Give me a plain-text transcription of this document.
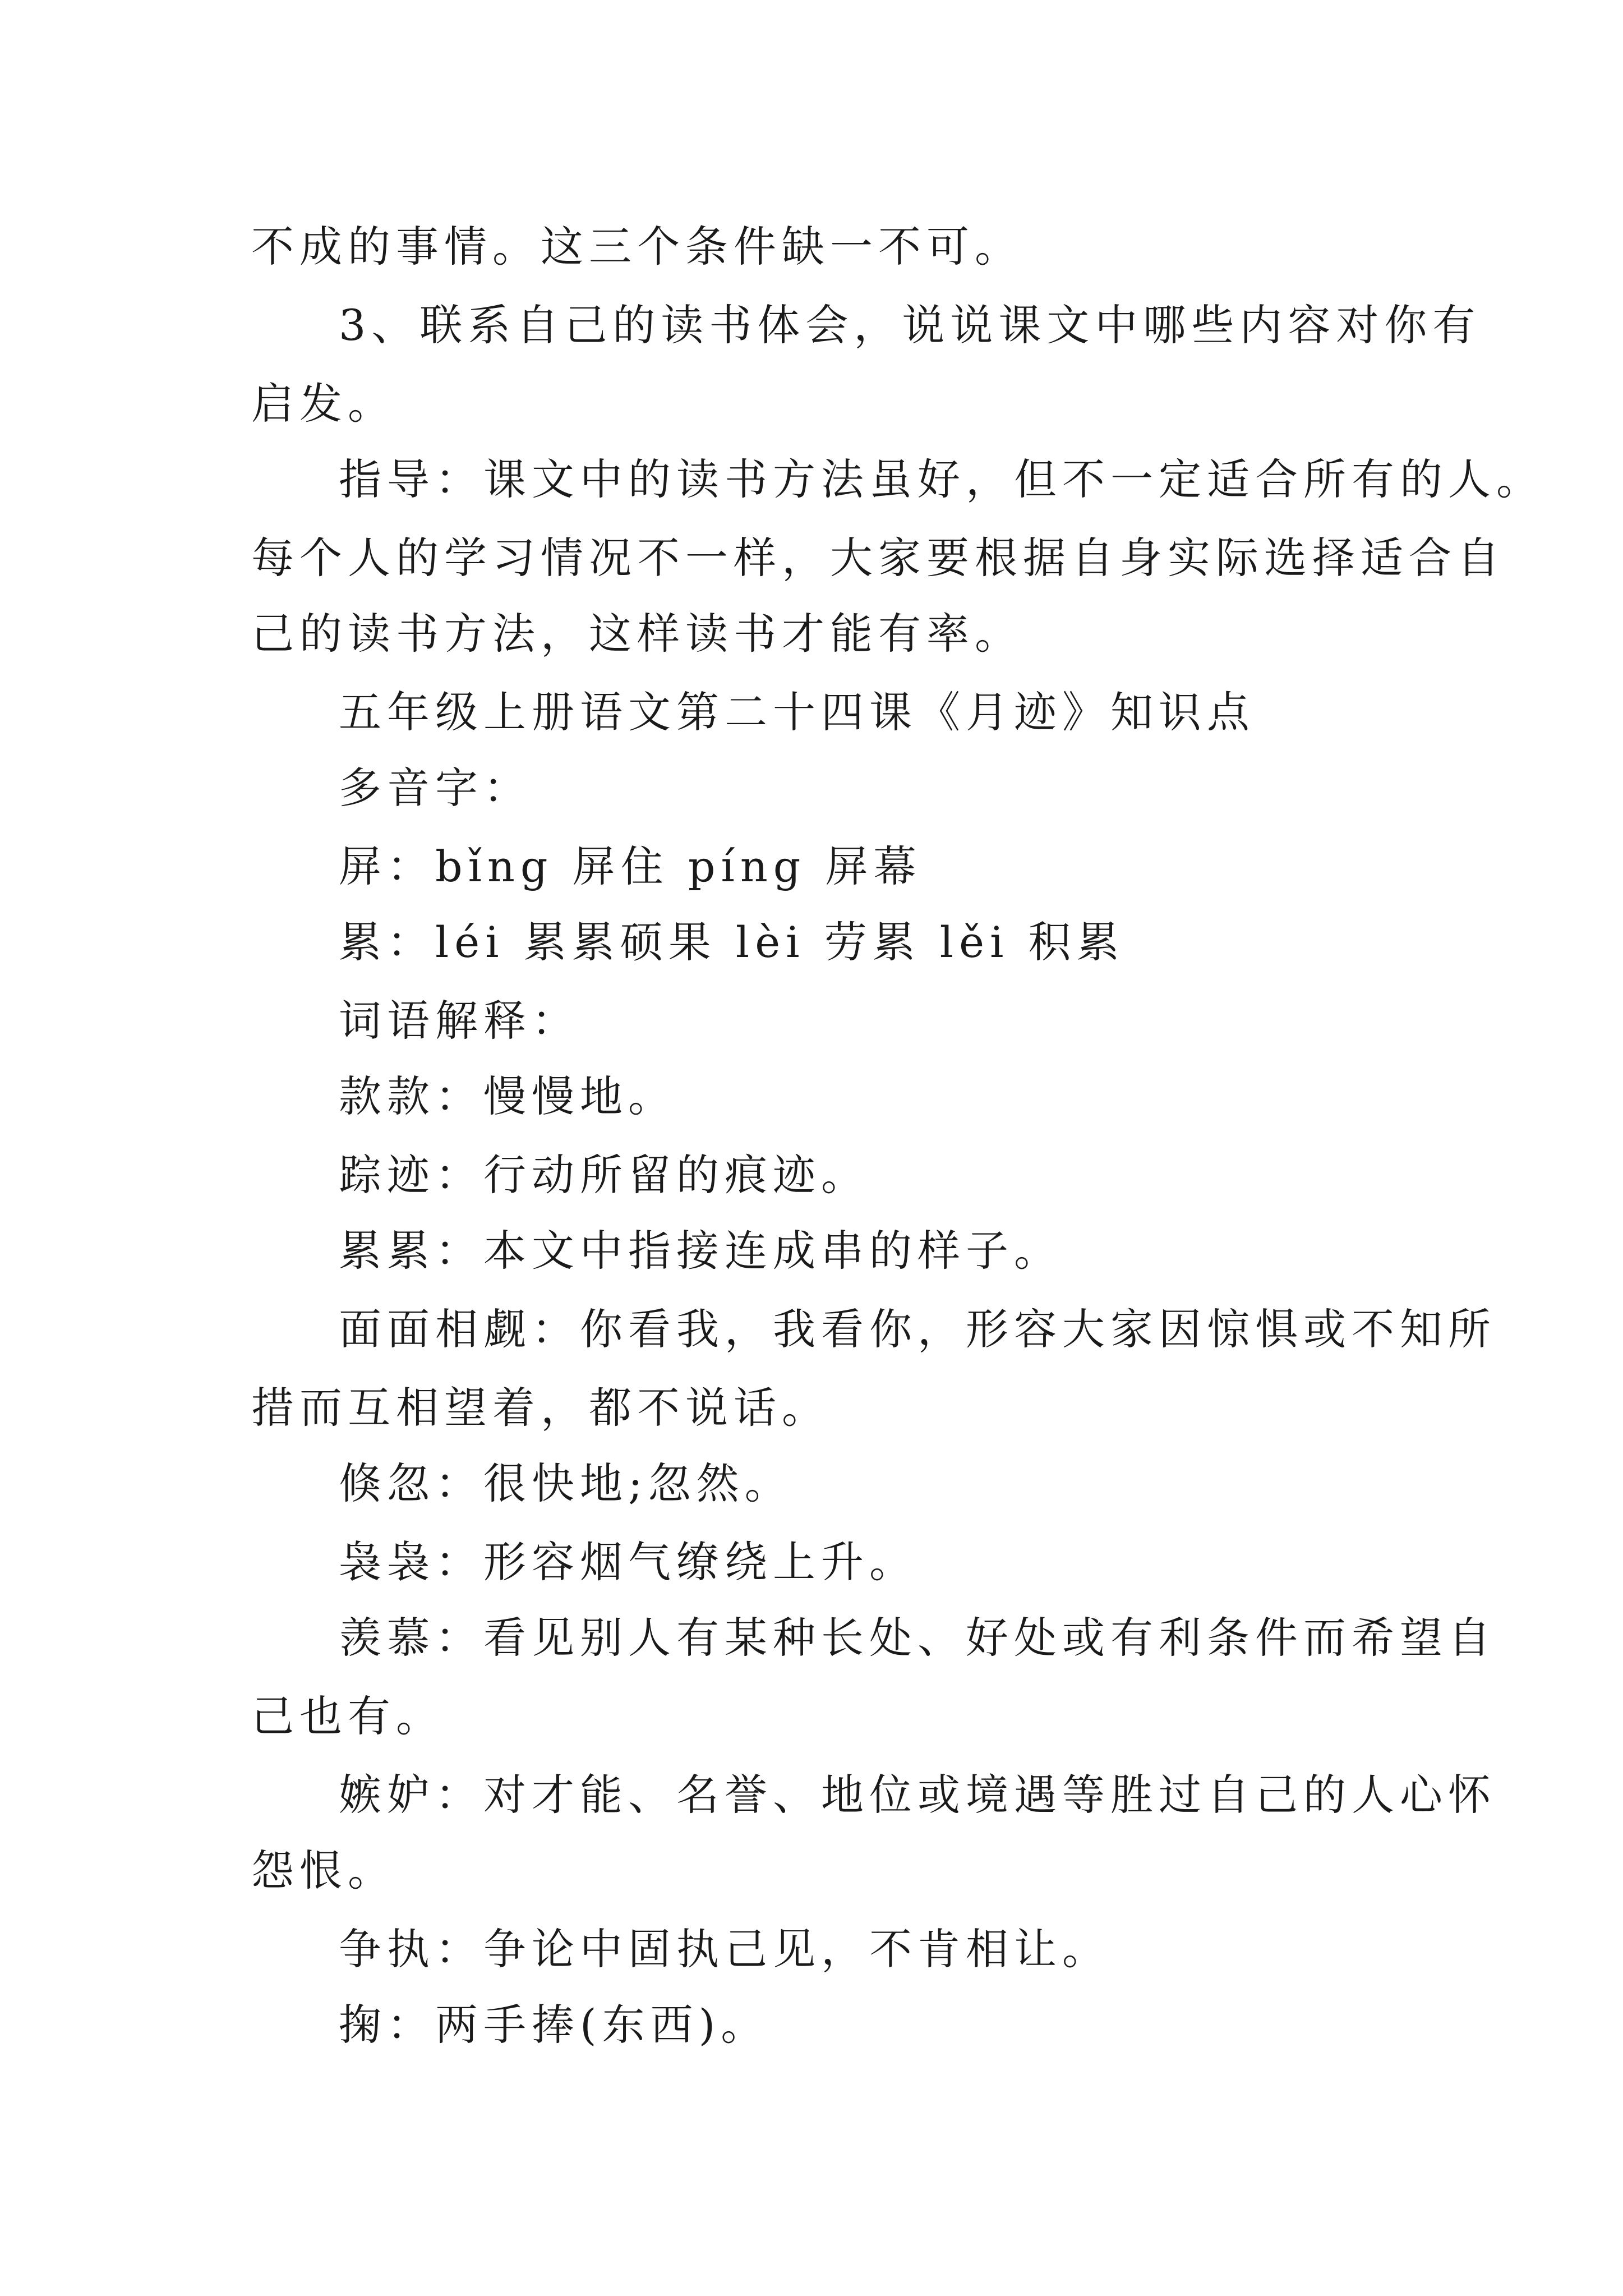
不成的事情。这三个条件缺一不可。
3、联系自己的读书体会，说说课文中哪些内容对你有
启发。
指导：课文中的读书方法虽好，但不一定适合所有的人。
每个人的学习情况不一样，大家要根据自身实际选择适合自
己的读书方法，这样读书才能有率。
五年级上册语文第二十四课《月迹》知识点
多音字：
屏：bǐng 屏住 píng 屏幕
累：léi 累累硕果 lèi 劳累 lěi 积累
词语解释：
款款：慢慢地。
踪迹：行动所留的痕迹。
累累：本文中指接连成串的样子。
面面相觑：你看我，我看你，形容大家因惊惧或不知所
措而互相望着，都不说话。
倏忽：很快地;忽然。
袅袅：形容烟气缭绕上升。
羡慕：看见别人有某种长处、好处或有利条件而希望自
己也有。
嫉妒：对才能、名誉、地位或境遇等胜过自己的人心怀
怨恨。
争执：争论中固执己见，不肯相让。
掬：两手捧(东西)。
